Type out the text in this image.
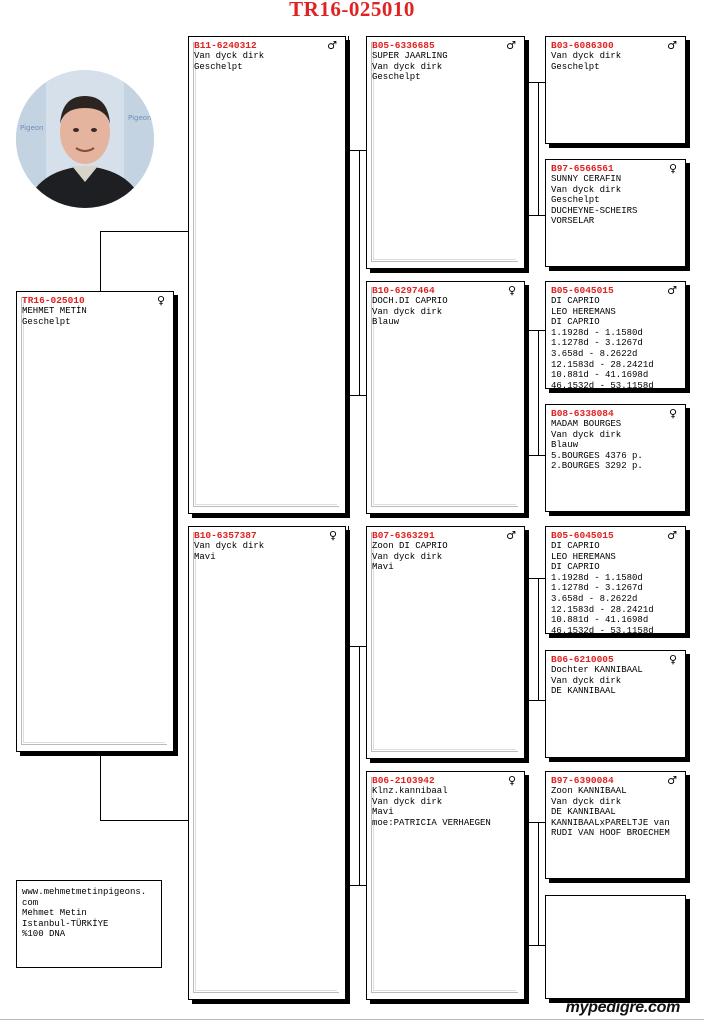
TR16-025010
Pigeon
Pigeon
TR16-025010	♀
MEHMET METİN
Geschelpt
B11-6240312	♂
Van dyck dirk
Geschelpt
B10-6357387	♀
Van dyck dirk
Mavi
B05-6336685	♂
SUPER JAARLING
Van dyck dirk
Geschelpt
B10-6297464	♀
DOCH.DI CAPRIO
Van dyck dirk
Blauw
B07-6363291	♂
Zoon DI CAPRIO
Van dyck dirk
Mavi
B06-2103942	♀
Klnz.kannibaal
Van dyck dirk
Mavi
moe:PATRICIA VERHAEGEN
B03-6086300	♂
Van dyck dirk
Geschelpt
B97-6566561	♀
SUNNY CERAFIN
Van dyck dirk
Geschelpt
DUCHEYNE-SCHEIRS
VORSELAR
B05-6045015	♂
DI CAPRIO
LEO HEREMANS
DI CAPRIO
1.1928d - 1.1580d
1.1278d - 3.1267d
3.658d - 8.2622d
12.1583d - 28.2421d
10.881d - 41.1698d
46.1532d - 53.1158d
B08-6338084	♀
MADAM BOURGES
Van dyck dirk
Blauw
5.BOURGES 4376 p.
2.BOURGES 3292 p.
B05-6045015	♂
DI CAPRIO
LEO HEREMANS
DI CAPRIO
1.1928d - 1.1580d
1.1278d - 3.1267d
3.658d - 8.2622d
12.1583d - 28.2421d
10.881d - 41.1698d
46.1532d - 53.1158d
B06-6210005	♀
Dochter KANNIBAAL
Van dyck dirk
DE KANNIBAAL
B97-6390084	♂
Zoon KANNIBAAL
Van dyck dirk
DE KANNIBAAL
KANNIBAALxPARELTJE van
RUDI VAN HOOF BROECHEM
www.mehmetmetinpigeons.
com
Mehmet Metin
Istanbul-TÜRKİYE
%100 DNA
mypedigre.com
